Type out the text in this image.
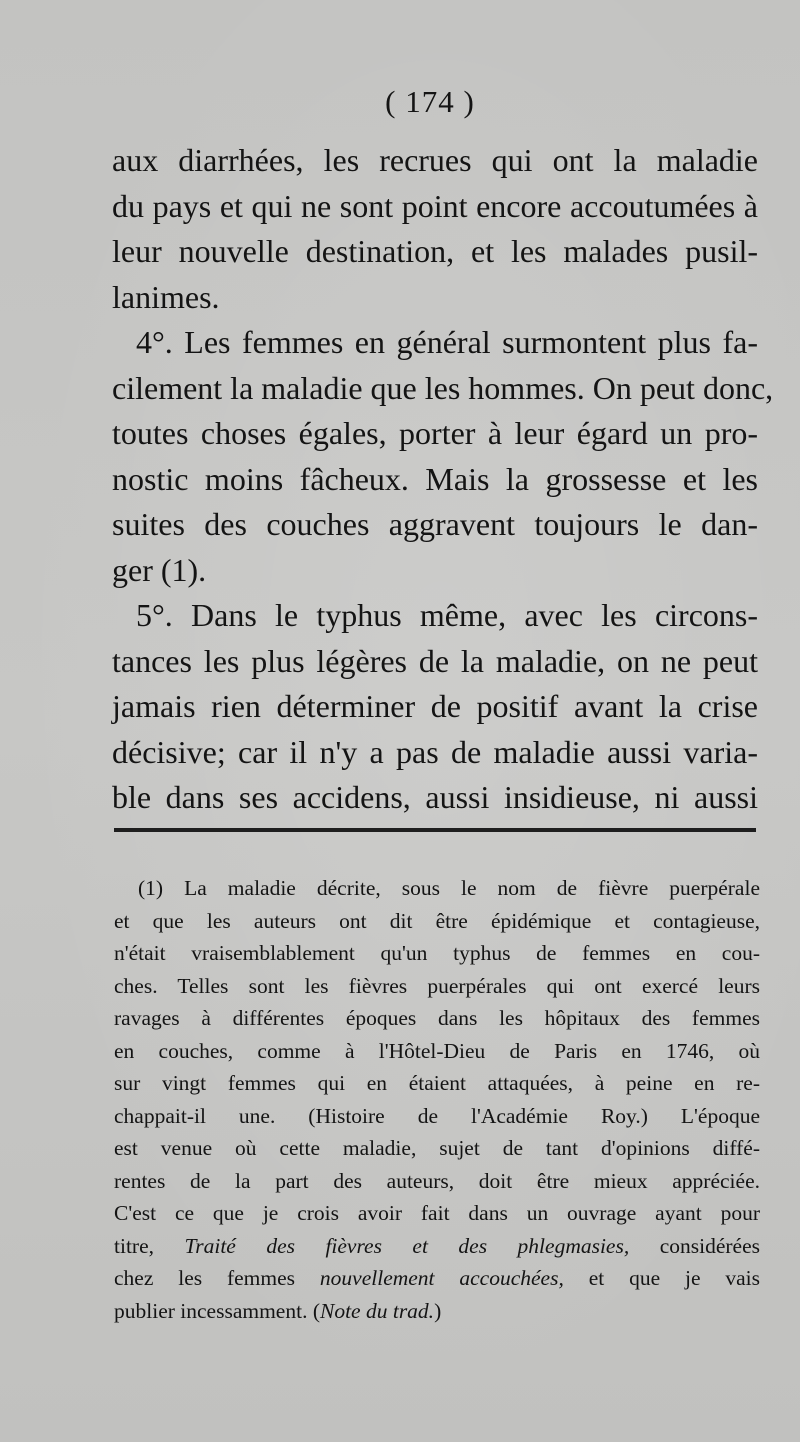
( 174 )
aux diarrhées, les recrues qui ont la maladie
du pays et qui ne sont point encore accoutumées à
leur nouvelle destination, et les malades pusil-
lanimes.
4°. Les femmes en général surmontent plus fa-
cilement la maladie que les hommes. On peut donc,
toutes choses égales, porter à leur égard un pro-
nostic moins fâcheux. Mais la grossesse et les
suites des couches aggravent toujours le dan-
ger (1).
5°. Dans le typhus même, avec les circons-
tances les plus légères de la maladie, on ne peut
jamais rien déterminer de positif avant la crise
décisive; car il n'y a pas de maladie aussi varia-
ble dans ses accidens, aussi insidieuse, ni aussi
(1) La maladie décrite, sous le nom de fièvre puerpérale
et que les auteurs ont dit être épidémique et contagieuse,
n'était vraisemblablement qu'un typhus de femmes en cou-
ches. Telles sont les fièvres puerpérales qui ont exercé leurs
ravages à différentes époques dans les hôpitaux des femmes
en couches, comme à l'Hôtel-Dieu de Paris en 1746, où
sur vingt femmes qui en étaient attaquées, à peine en re-
chappait-il une. (Histoire de l'Académie Roy.) L'époque
est venue où cette maladie, sujet de tant d'opinions diffé-
rentes de la part des auteurs, doit être mieux appréciée.
C'est ce que je crois avoir fait dans un ouvrage ayant pour
titre, Traité des fièvres et des phlegmasies, considérées
chez les femmes nouvellement accouchées, et que je vais
publier incessamment. (Note du trad.)
